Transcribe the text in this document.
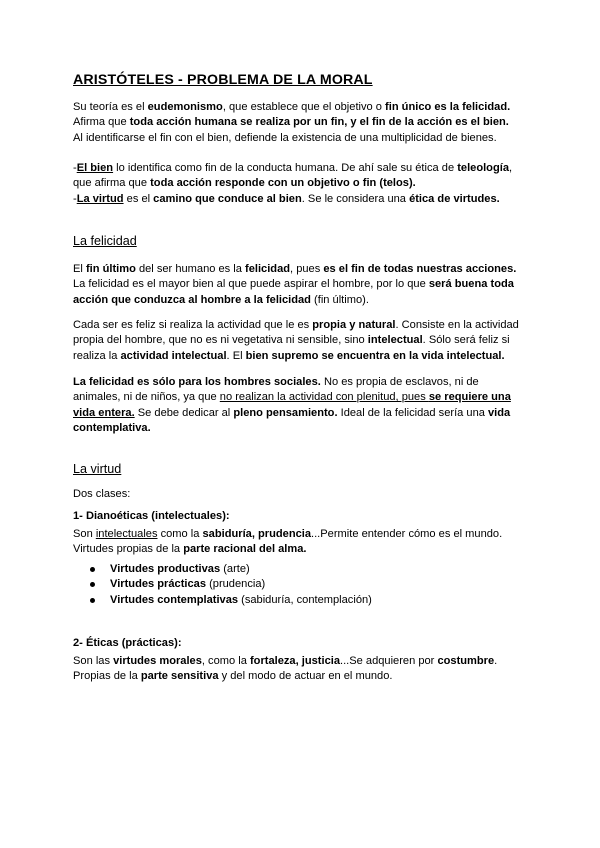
ARISTÓTELES - PROBLEMA DE LA MORAL
Su teoría es el eudemonismo, que establece que el objetivo o fin único es la felicidad.
Afirma que toda acción humana se realiza por un fin, y el fin de la acción es el bien.
Al identificarse el fin con el bien, defiende la existencia de una multiplicidad de bienes.
-El bien lo identifica como fin de la conducta humana. De ahí sale su ética de teleología,
que afirma que toda acción responde con un objetivo o fin (telos).
-La virtud es el camino que conduce al bien. Se le considera una ética de virtudes.
La felicidad
El fin último del ser humano es la felicidad, pues es el fin de todas nuestras acciones.
La felicidad es el mayor bien al que puede aspirar el hombre, por lo que será buena toda
acción que conduzca al hombre a la felicidad (fin último).
Cada ser es feliz si realiza la actividad que le es propia y natural. Consiste en la actividad
propia del hombre, que no es ni vegetativa ni sensible, sino intelectual. Sólo será feliz si
realiza la actividad intelectual. El bien supremo se encuentra en la vida intelectual.
La felicidad es sólo para los hombres sociales. No es propia de esclavos, ni de
animales, ni de niños, ya que no realizan la actividad con plenitud, pues se requiere una
vida entera. Se debe dedicar al pleno pensamiento. Ideal de la felicidad sería una vida
contemplativa.
La virtud
Dos clases:
1- Dianoéticas (intelectuales):
Son intelectuales como la sabiduría, prudencia...Permite entender cómo es el mundo.
Virtudes propias de la parte racional del alma.
Virtudes productivas (arte)
Virtudes prácticas (prudencia)
Virtudes contemplativas (sabiduría, contemplación)
2- Éticas (prácticas):
Son las virtudes morales, como la fortaleza, justicia...Se adquieren por costumbre.
Propias de la parte sensitiva y del modo de actuar en el mundo.
